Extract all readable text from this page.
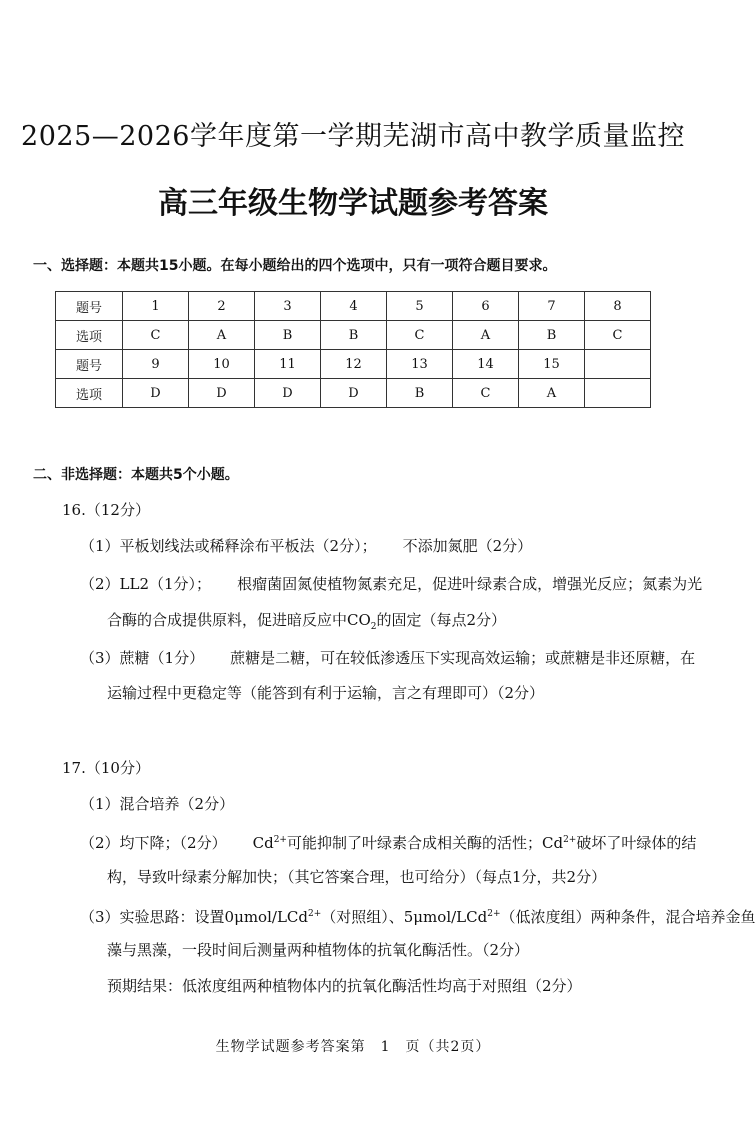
2025—2026学年度第一学期芜湖市高中教学质量监控
高三年级生物学试题参考答案
一、选择题：本题共15小题。在每小题给出的四个选项中，只有一项符合题目要求。
题号	1	2	3	4	5	6	7	8
选项	C	A	B	B	C	A	B	C
题号	9	10	11	12	13	14	15	
选项	D	D	D	D	B	C	A	
二、非选择题：本题共5个小题。
16.（12分）
（1）平板划线法或稀释涂布平板法（2分）； 不添加氮肥（2分）
（2）LL2（1分）； 根瘤菌固氮使植物氮素充足，促进叶绿素合成，增强光反应；氮素为光
合酶的合成提供原料，促进暗反应中$CO_2$的固定（每点2分）
（3）蔗糖（1分） 蔗糖是二糖，可在较低渗透压下实现高效运输；或蔗糖是非还原糖，在
运输过程中更稳定等（能答到有利于运输，言之有理即可）（2分）
17.（10分）
（1）混合培养（2分）
（2）均下降；（2分） $Cd^{2+}$可能抑制了叶绿素合成相关酶的活性；$Cd^{2+}$破坏了叶绿体的结
构，导致叶绿素分解加快；（其它答案合理，也可给分）（每点1分，共2分）
（3）实验思路：设置0μmol/LCd$^{2+}$（对照组）、5μmol/LCd$^{2+}$（低浓度组）两种条件，混合培养金鱼
藻与黑藻，一段时间后测量两种植物体的抗氧化酶活性。（2分）
预期结果：低浓度组两种植物体内的抗氧化酶活性均高于对照组（2分）
生物学试题参考答案第　1　页（共2页）
